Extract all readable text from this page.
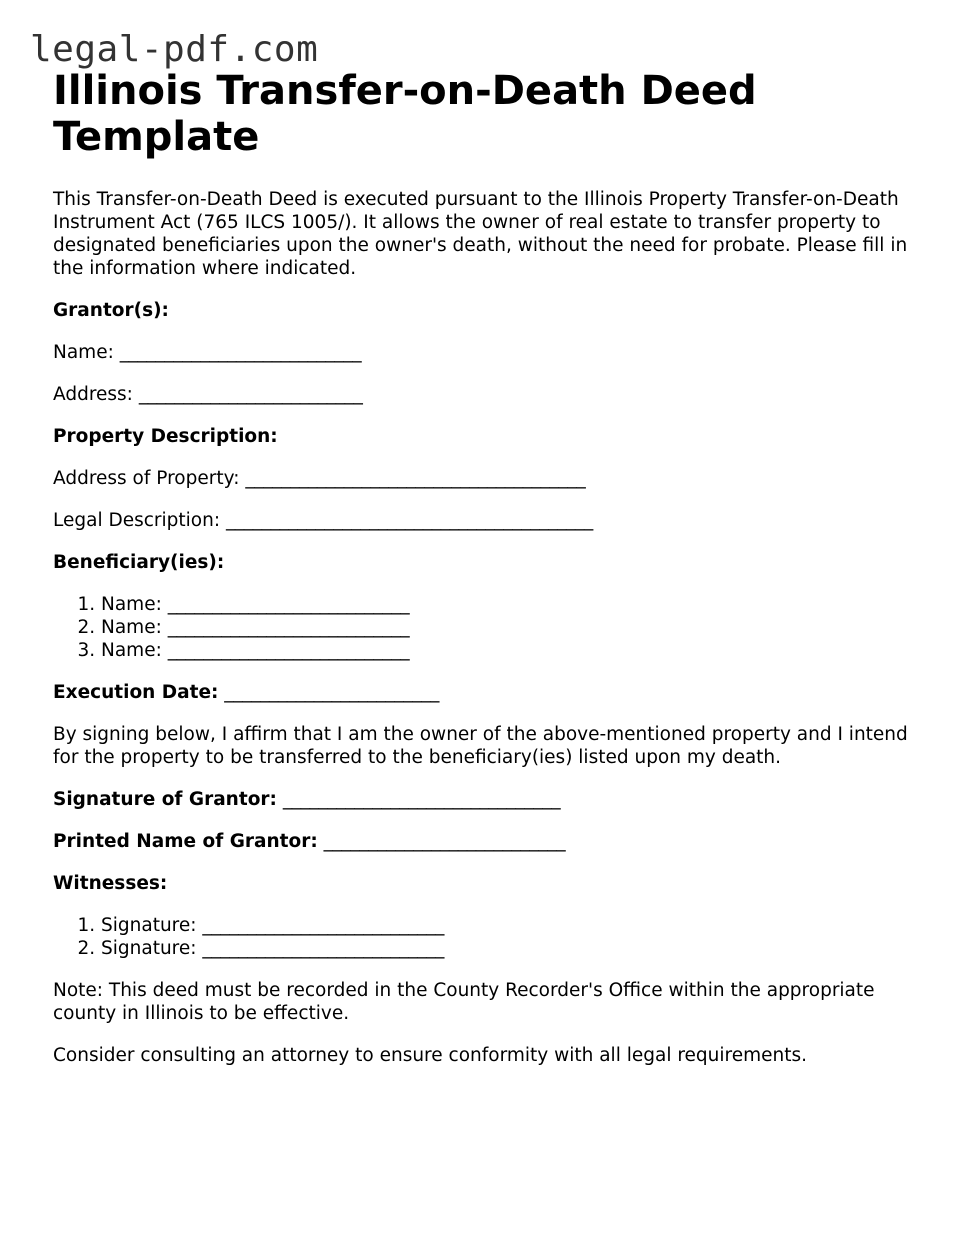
legal-pdf.com
Illinois Transfer-on-Death Deed Template

This Transfer-on-Death Deed is executed pursuant to the Illinois Property Transfer-on-Death Instrument Act (765 ILCS 1005/). It allows the owner of real estate to transfer property to designated beneficiaries upon the owner's death, without the need for probate. Please fill in the information where indicated.

Grantor(s):

Name: ___________________________

Address: _________________________

Property Description:

Address of Property: ______________________________________

Legal Description: _________________________________________

Beneficiary(ies):

1. Name: ___________________________
2. Name: ___________________________
3. Name: ___________________________

Execution Date: ________________________

By signing below, I affirm that I am the owner of the above-mentioned property and I intend for the property to be transferred to the beneficiary(ies) listed upon my death.

Signature of Grantor: _______________________________

Printed Name of Grantor: ___________________________

Witnesses:

1. Signature: ___________________________
2. Signature: ___________________________

Note: This deed must be recorded in the County Recorder's Office within the appropriate county in Illinois to be effective.

Consider consulting an attorney to ensure conformity with all legal requirements.
